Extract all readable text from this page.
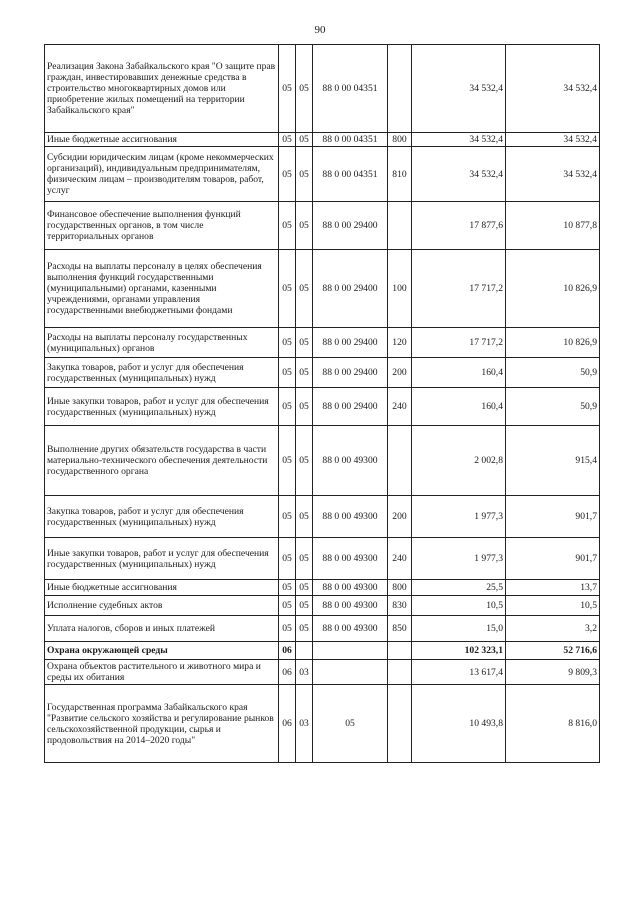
90
Реализация Закона Забайкальского края "О защите прав граждан, инвестировавших денежные средства в строительство многоквартирных домов или приобретение жилых помещений на территории Забайкальского края"	05	05	88 0 00 04351		34 532,4	34 532,4
Иные бюджетные ассигнования	05	05	88 0 00 04351	800	34 532,4	34 532,4
Субсидии юридическим лицам (кроме некоммерческих организаций), индивидуальным предпринимателям, физическим лицам – производителям товаров, работ, услуг	05	05	88 0 00 04351	810	34 532,4	34 532,4
Финансовое обеспечение выполнения функций государственных органов, в том числе территориальных органов	05	05	88 0 00 29400		17 877,6	10 877,8
Расходы на выплаты персоналу в целях обеспечения выполнения функций государственными (муниципальными) органами, казенными учреждениями, органами управления государственными внебюджетными фондами	05	05	88 0 00 29400	100	17 717,2	10 826,9
Расходы на выплаты персоналу государственных (муниципальных) органов	05	05	88 0 00 29400	120	17 717,2	10 826,9
Закупка товаров, работ и услуг для обеспечения государственных (муниципальных) нужд	05	05	88 0 00 29400	200	160,4	50,9
Иные закупки товаров, работ и услуг для обеспечения государственных (муниципальных) нужд	05	05	88 0 00 29400	240	160,4	50,9
Выполнение других обязательств государства в части материально-технического обеспечения деятельности государственного органа	05	05	88 0 00 49300		2 002,8	915,4
Закупка товаров, работ и услуг для обеспечения государственных (муниципальных) нужд	05	05	88 0 00 49300	200	1 977,3	901,7
Иные закупки товаров, работ и услуг для обеспечения государственных (муниципальных) нужд	05	05	88 0 00 49300	240	1 977,3	901,7
Иные бюджетные ассигнования	05	05	88 0 00 49300	800	25,5	13,7
Исполнение судебных актов	05	05	88 0 00 49300	830	10,5	10,5
Уплата налогов, сборов и иных платежей	05	05	88 0 00 49300	850	15,0	3,2
Охрана окружающей среды	06				102 323,1	52 716,6
Охрана объектов растительного и животного мира и среды их обитания	06	03			13 617,4	9 809,3
Государственная программа Забайкальского края "Развитие сельского хозяйства и регулирование рынков сельскохозяйственной продукции, сырья и продовольствия на 2014–2020 годы"	06	03	05		10 493,8	8 816,0
